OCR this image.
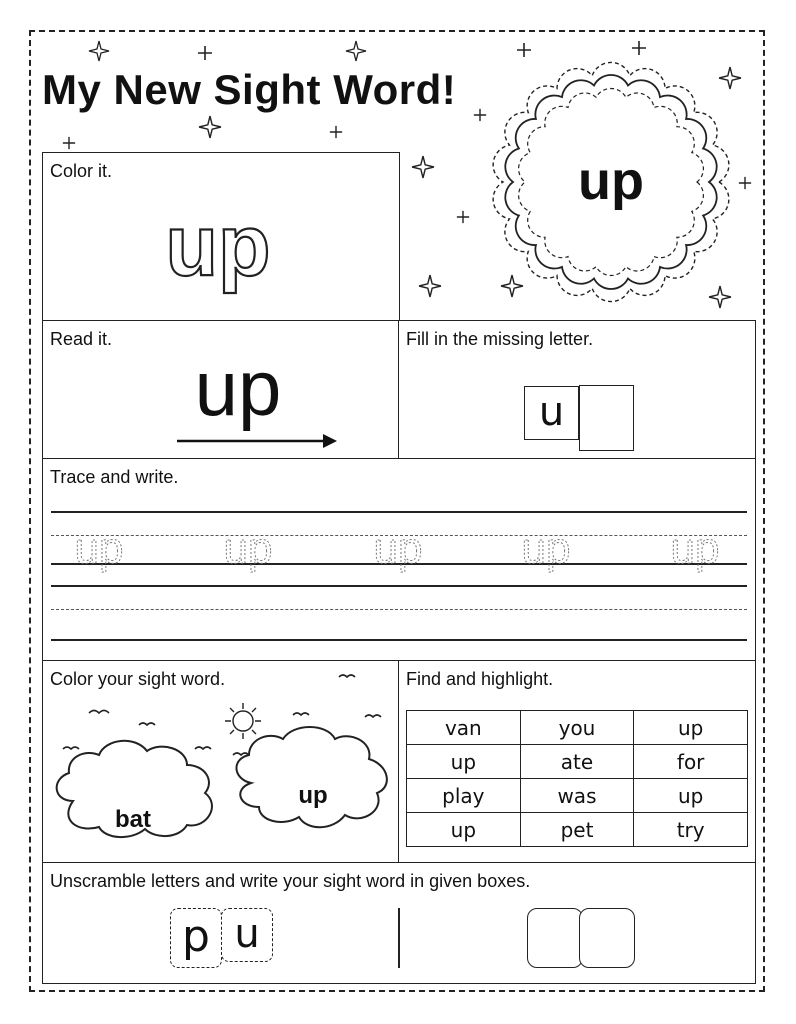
My New Sight Word!
up
Color it.
up
Read it.
up
Fill in the missing letter.
u
Trace and write.
up up up up up
Color your sight word.
bat
up
Find and highlight.
van	you	up
up	ate	for
play	was	up
up	pet	try
Unscramble letters and write your sight word in given boxes.
p u
